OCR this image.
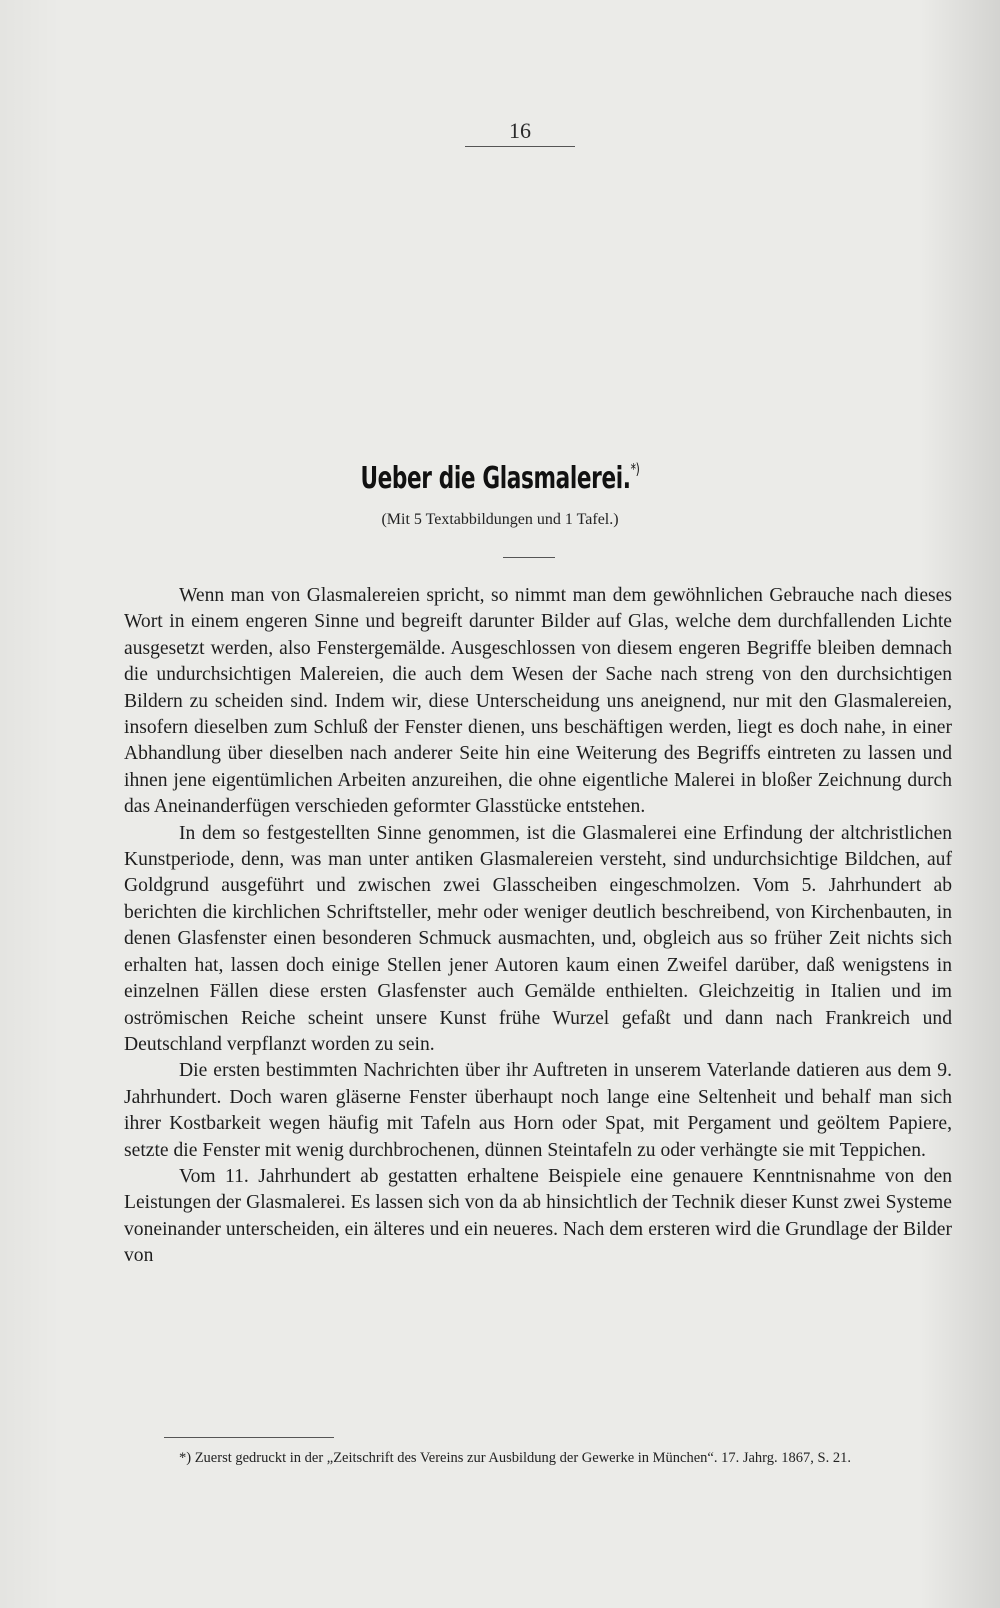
16
Ueber die Glasmalerei.*)
(Mit 5 Textabbildungen und 1 Tafel.)

Wenn man von Glasmalereien spricht, so nimmt man dem gewöhnlichen Gebrauche nach dieses Wort in einem engeren Sinne und begreift darunter Bilder auf Glas, welche dem durchfallenden Lichte ausgesetzt werden, also Fenstergemälde. Ausgeschlossen von diesem engeren Begriffe bleiben demnach die undurchsichtigen Malereien, die auch dem Wesen der Sache nach streng von den durchsichtigen Bildern zu scheiden sind. Indem wir, diese Unterscheidung uns aneignend, nur mit den Glasmalereien, insofern dieselben zum Schluß der Fenster dienen, uns beschäftigen werden, liegt es doch nahe, in einer Abhandlung über dieselben nach anderer Seite hin eine Weiterung des Begriffs eintreten zu lassen und ihnen jene eigentümlichen Arbeiten anzureihen, die ohne eigentliche Malerei in bloßer Zeichnung durch das Aneinanderfügen verschieden geformter Glasstücke entstehen.

In dem so festgestellten Sinne genommen, ist die Glasmalerei eine Erfindung der altchristlichen Kunstperiode, denn, was man unter antiken Glasmalereien versteht, sind undurchsichtige Bildchen, auf Goldgrund ausgeführt und zwischen zwei Glasscheiben eingeschmolzen. Vom 5. Jahrhundert ab berichten die kirchlichen Schriftsteller, mehr oder weniger deutlich beschreibend, von Kirchenbauten, in denen Glasfenster einen besonderen Schmuck ausmachten, und, obgleich aus so früher Zeit nichts sich erhalten hat, lassen doch einige Stellen jener Autoren kaum einen Zweifel darüber, daß wenigstens in einzelnen Fällen diese ersten Glasfenster auch Gemälde enthielten. Gleichzeitig in Italien und im oströmischen Reiche scheint unsere Kunst frühe Wurzel gefaßt und dann nach Frankreich und Deutschland verpflanzt worden zu sein.

Die ersten bestimmten Nachrichten über ihr Auftreten in unserem Vaterlande datieren aus dem 9. Jahrhundert. Doch waren gläserne Fenster überhaupt noch lange eine Seltenheit und behalf man sich ihrer Kostbarkeit wegen häufig mit Tafeln aus Horn oder Spat, mit Pergament und geöltem Papiere, setzte die Fenster mit wenig durchbrochenen, dünnen Steintafeln zu oder verhängte sie mit Teppichen.

Vom 11. Jahrhundert ab gestatten erhaltene Beispiele eine genauere Kenntnisnahme von den Leistungen der Glasmalerei. Es lassen sich von da ab hinsichtlich der Technik dieser Kunst zwei Systeme voneinander unterscheiden, ein älteres und ein neueres. Nach dem ersteren wird die Grundlage der Bilder von

*) Zuerst gedruckt in der „Zeitschrift des Vereins zur Ausbildung der Gewerke in München“. 17. Jahrg. 1867, S. 21.
